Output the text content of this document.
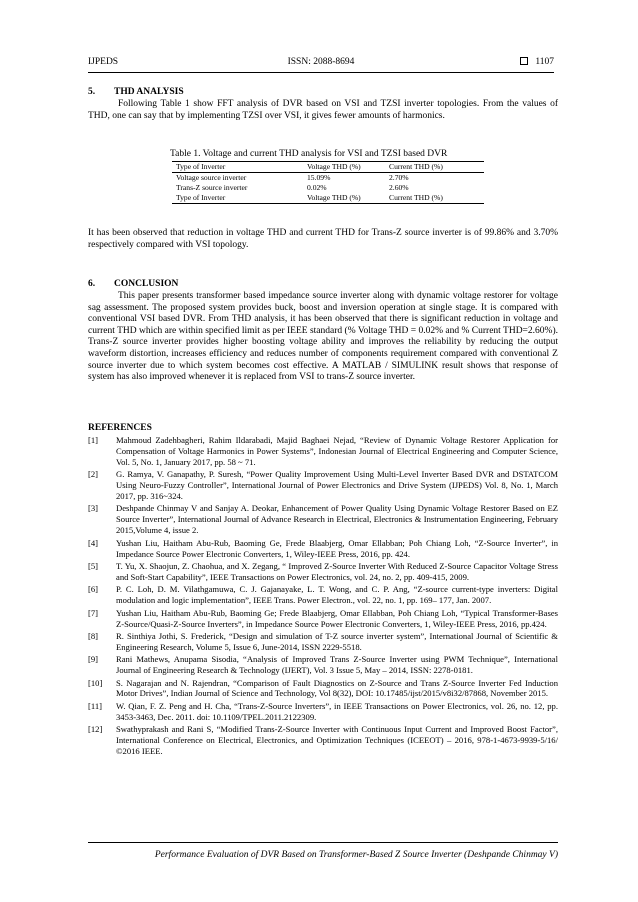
IJPEDS	ISSN: 2088-8694	1107
5. THD ANALYSIS
Following Table 1 show FFT analysis of DVR based on VSI and TZSI inverter topologies. From the values of THD, one can say that by implementing TZSI over VSI, it gives fewer amounts of harmonics.
Table 1. Voltage and current THD analysis for VSI and TZSI based DVR
Type of Inverter	Voltage THD (%)	Current THD (%)
Voltage source inverter	15.09%	2.70%
Trans-Z source inverter	0.02%	2.60%
Type of Inverter	Voltage THD (%)	Current THD (%)
It has been observed that reduction in voltage THD and current THD for Trans-Z source inverter is of 99.86% and 3.70% respectively compared with VSI topology.
6. CONCLUSION
This paper presents transformer based impedance source inverter along with dynamic voltage restorer for voltage sag assessment. The proposed system provides buck, boost and inversion operation at single stage. It is compared with conventional VSI based DVR. From THD analysis, it has been observed that there is significant reduction in voltage and current THD which are within specified limit as per IEEE standard (% Voltage THD = 0.02% and % Current THD=2.60%). Trans-Z source inverter provides higher boosting voltage ability and improves the reliability by reducing the output waveform distortion, increases efficiency and reduces number of components requirement compared with conventional Z source inverter due to which system becomes cost effective. A MATLAB / SIMULINK result shows that response of system has also improved whenever it is replaced from VSI to trans-Z source inverter.
REFERENCES
[1] Mahmoud Zadehbagheri, Rahim Ildarabadi, Majid Baghaei Nejad, “Review of Dynamic Voltage Restorer Application for Compensation of Voltage Harmonics in Power Systems”, Indonesian Journal of Electrical Engineering and Computer Science, Vol. 5, No. 1, January 2017, pp. 58 ~ 71.
[2] G. Ramya, V. Ganapathy, P. Suresh, “Power Quality Improvement Using Multi-Level Inverter Based DVR and DSTATCOM Using Neuro-Fuzzy Controller”, International Journal of Power Electronics and Drive System (IJPEDS) Vol. 8, No. 1, March 2017, pp. 316~324.
[3] Deshpande Chinmay V and Sanjay A. Deokar, Enhancement of Power Quality Using Dynamic Voltage Restorer Based on EZ Source Inverter”, International Journal of Advance Research in Electrical, Electronics & Instrumentation Engineering, February 2015,Volume 4, issue 2.
[4] Yushan Liu, Haitham Abu-Rub, Baoming Ge, Frede Blaabjerg, Omar Ellabban; Poh Chiang Loh, “Z-Source Inverter”, in Impedance Source Power Electronic Converters, 1, Wiley-IEEE Press, 2016, pp. 424.
[5] T. Yu, X. Shaojun, Z. Chaohua, and X. Zegang, “ Improved Z-Source Inverter With Reduced Z-Source Capacitor Voltage Stress and Soft-Start Capability”, IEEE Transactions on Power Electronics, vol. 24, no. 2, pp. 409-415, 2009.
[6] P. C. Loh, D. M. Vilathgamuwa, C. J. Gajanayake, L. T. Wong, and C. P. Ang, “Z-source current-type inverters: Digital modulation and logic implementation”, IEEE Trans. Power Electron., vol. 22, no. 1, pp. 169– 177, Jan. 2007.
[7] Yushan Liu, Haitham Abu-Rub, Baoming Ge; Frede Blaabjerg, Omar Ellabban, Poh Chiang Loh, “Typical Transformer-Bases Z-Source/Quasi-Z-Source Inverters”, in Impedance Source Power Electronic Converters, 1, Wiley-IEEE Press, 2016, pp.424.
[8] R. Sinthiya Jothi, S. Frederick, “Design and simulation of T-Z source inverter system”, International Journal of Scientific & Engineering Research, Volume 5, Issue 6, June-2014, ISSN 2229-5518.
[9] Rani Mathews, Anupama Sisodia, “Analysis of Improved Trans Z-Source Inverter using PWM Technique”, International Journal of Engineering Research & Technology (IJERT), Vol. 3 Issue 5, May – 2014, ISSN: 2278-0181.
[10] S. Nagarajan and N. Rajendran, “Comparison of Fault Diagnostics on Z-Source and Trans Z-Source Inverter Fed Induction Motor Drives”, Indian Journal of Science and Technology, Vol 8(32), DOI: 10.17485/ijst/2015/v8i32/87868, November 2015.
[11] W. Qian, F. Z. Peng and H. Cha, “Trans-Z-Source Inverters”, in IEEE Transactions on Power Electronics, vol. 26, no. 12, pp. 3453-3463, Dec. 2011. doi: 10.1109/TPEL.2011.2122309.
[12] Swathyprakash and Rani S, “Modified Trans-Z-Source Inverter with Continuous Input Current and Improved Boost Factor”, International Conference on Electrical, Electronics, and Optimization Techniques (ICEEOT) – 2016, 978-1-4673-9939-5/16/ ©2016 IEEE.
Performance Evaluation of DVR Based on Transformer-Based Z Source Inverter (Deshpande Chinmay V)
